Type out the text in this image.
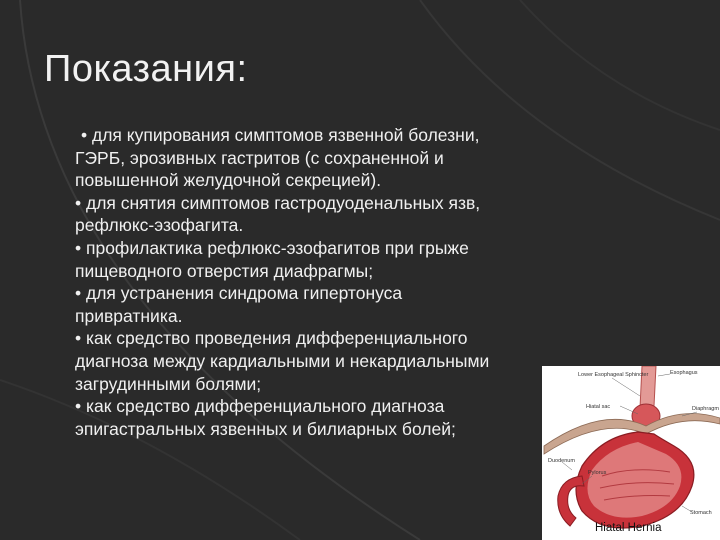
Показания:
• для купирования симптомов язвенной болезни,
ГЭРБ, эрозивных гастритов (с сохраненной и
повышенной желудочной секрецией).
• для снятия симптомов гастродуоденальных язв,
рефлюкс-эзофагита.
• профилактика рефлюкс-эзофагитов при грыже
пищеводного отверстия диафрагмы;
• для устранения синдрома гипертонуса
привратника.
• как средство проведения дифференциального
диагноза между кардиальными и некардиальными
загрудинными болями;
• как средство дифференциального диагноза
эпигастральных язвенных и билиарных болей;
Lower Esophageal Sphincter	Esophagus
Hiatal sac	Diaphragm
Duodenum
Pylorus
Stomach
Hiatal Hernia
